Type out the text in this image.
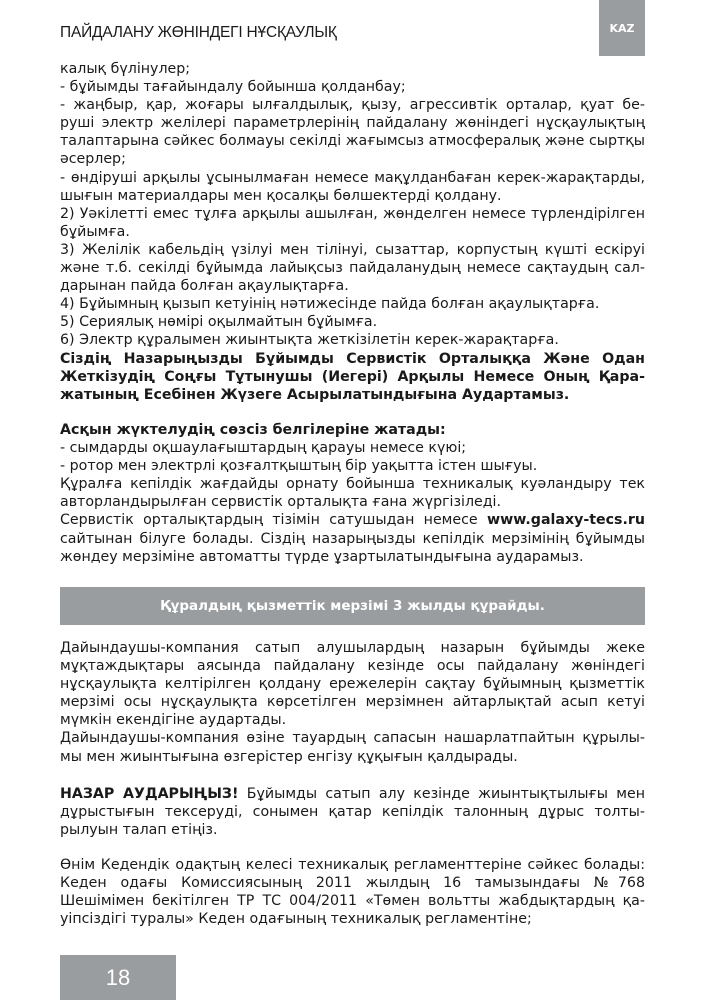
ПАЙДАЛАНУ ЖӨНІНДЕГІ НҰСҚАУЛЫҚ	KAZ
калық бүлінулер;
- бұйымды тағайындалу бойынша қолданбау;
- жаңбыр, қар, жоғары ылғалдылық, қызу, агрессивтік орталар, қуат бе-
руші электр желілері параметрлерінің пайдалану жөніндегі нұсқаулықтың
талаптарына сәйкес болмауы секілді жағымсыз атмосфералық және сыртқы
әсерлер;
- өндіруші арқылы ұсынылмаған немесе мақұлданбаған керек-жарақтарды,
шығын материалдары мен қосалқы бөлшектерді қолдану.
2) Уәкілетті емес тұлға арқылы ашылған, жөнделген немесе түрлендірілген
бұйымға.
3) Желілік кабельдің үзілуі мен тілінуі, сызаттар, корпустың күшті ескіруі
және т.б. секілді бұйымда лайықсыз пайдаланудың немесе сақтаудың сал-
дарынан пайда болған ақаулықтарға.
4) Бұйымның қызып кетуінің нәтижесінде пайда болған ақаулықтарға.
5) Сериялық нөмірі оқылмайтын бұйымға.
6) Электр құралымен жиынтықта жеткізілетін керек-жарақтарға.
Сіздің Назарыңызды Бұйымды Сервистік Орталыққа Және Одан
Жеткізудің Соңғы Тұтынушы (Иегері) Арқылы Немесе Оның Қара-
жатының Есебінен Жүзеге Асырылатындығына Аудартамыз.
Асқын жүктелудің сөзсіз белгілеріне жатады:
- сымдарды оқшаулағыштардың қарауы немесе күюі;
- ротор мен электрлі қозғалтқыштың бір уақытта істен шығуы.
Құралға кепілдік жағдайды орнату бойынша техникалық куәландыру тек
авторландырылған сервистік орталықта ғана жүргізіледі.
Сервистік орталықтардың тізімін сатушыдан немесе www.galaxy-tecs.ru
сайтынан білуге болады. Сіздің назарыңызды кепілдік мерзімінің бұйымды
жөндеу мерзіміне автоматты түрде ұзартылатындығына аударамыз.
Құралдың қызметтік мерзімі 3 жылды құрайды.
Дайындаушы-компания сатып алушылардың назарын бұйымды жеке
мұқтаждықтары аясында пайдалану кезінде осы пайдалану жөніндегі
нұсқаулықта келтірілген қолдану ережелерін сақтау бұйымның қызметтік
мерзімі осы нұсқаулықта көрсетілген мерзімнен айтарлықтай асып кетуі
мүмкін екендігіне аудартады.
Дайындаушы-компания өзіне тауардың сапасын нашарлатпайтын құрылы-
мы мен жиынтығына өзгерістер енгізу құқығын қалдырады.
НАЗАР АУДАРЫҢЫЗ! Бұйымды сатып алу кезінде жиынтықтылығы мен
дұрыстығын тексеруді, сонымен қатар кепілдік талонның дұрыс толты-
рылуын талап етіңіз.
Өнім Кедендік одақтың келесі техникалық регламенттеріне сәйкес болады:
Кеден одағы Комиссиясының 2011 жылдың 16 тамызындағы №768
Шешімімен бекітілген ТР ТС 004/2011 «Төмен вольтты жабдықтардың қа-
уіпсіздігі туралы» Кеден одағының техникалық регламентіне;
18
